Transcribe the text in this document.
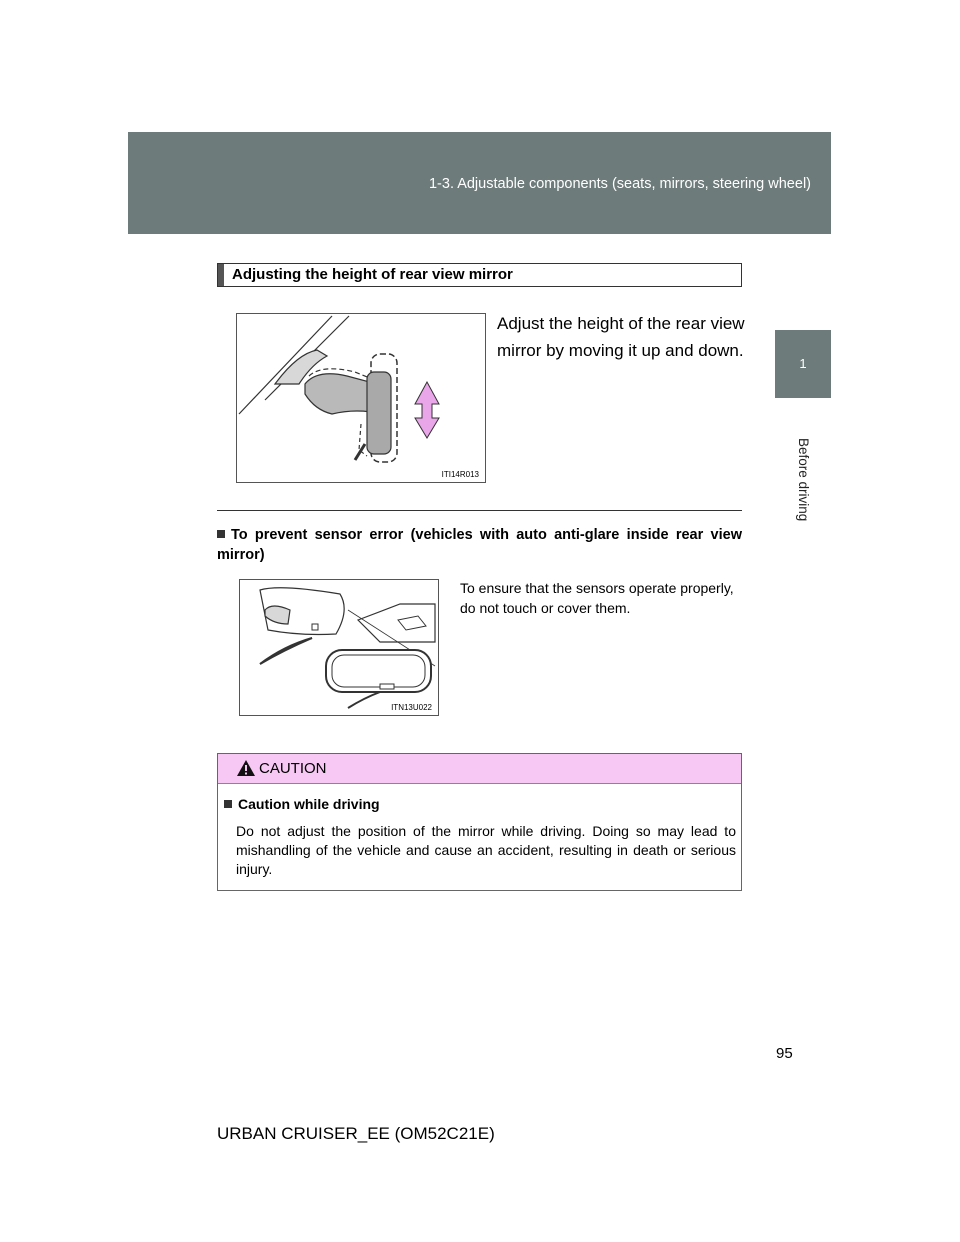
1-3. Adjustable components (seats, mirrors, steering wheel)
1
Before driving
Adjusting the height of rear view mirror
ITI14R013
Adjust the height of the rear view mirror by moving it up and down.
To prevent sensor error (vehicles with auto anti-glare inside rear view mirror)
ITN13U022
To ensure that the sensors operate properly, do not touch or cover them.
CAUTION
Caution while driving
Do not adjust the position of the mirror while driving. Doing so may lead to mishandling of the vehicle and cause an accident, resulting in death or serious injury.
95
URBAN CRUISER_EE (OM52C21E)
